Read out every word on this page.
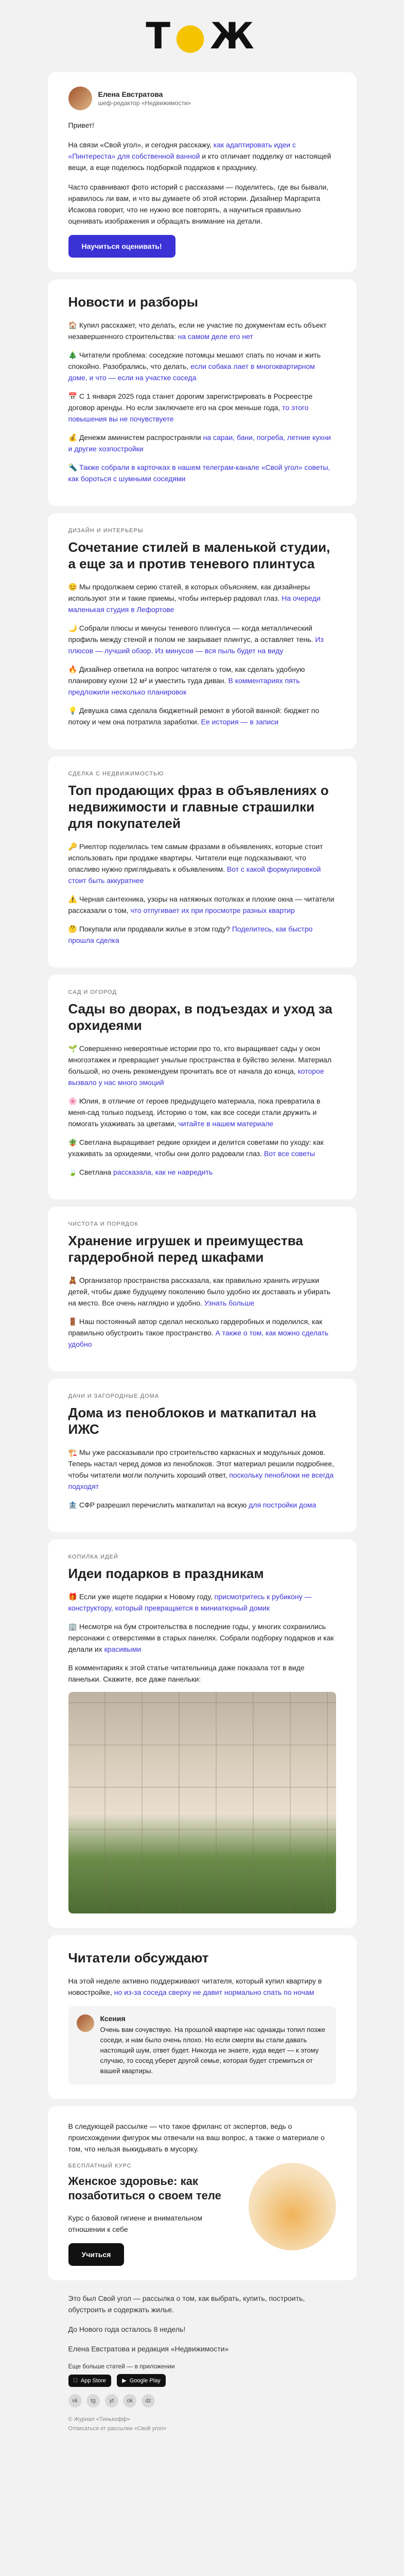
Т ● Ж
Елена Евстратова
шеф-редактор «Недвижимости»

Привет!

На связи «Свой угол», и сегодня расскажу, как адаптировать идеи с «Пинтереста» для собственной ванной и кто отличает подделку от настоящей вещи, а еще поделюсь подборкой подарков к празднику.

Часто сравнивают фото историй с рассказами — поделитесь, где вы бывали, нравилось ли вам, и что вы думаете об этой истории. Дизайнер Маргарита Исакова говорит, что не нужно все повторять, а научиться правильно оценивать изображения и обращать внимание на детали.

Научиться оценивать!
Новости и разборы
🏠 Купил расскажет, что делать, если не участие по документам есть объект незавершенного строительства: на самом деле его нет
🎄 Читатели проблема: соседские потомцы мешают спать по ночам и жить спокойно. Разобрались, что делать, если собака лает в многоквартирном доме, и что — если на участке соседа
📅 С 1 января 2025 года станет дорогим зарегистрировать в Росреестре договор аренды. Но если заключаете его на срок меньше года, то этого повышения вы не почувствуете
💰 Денежм аминистем распространяли на сараи, бани, погреба, летние кухни и другие хозпостройки
🔦 Также собрали в карточках в нашем телеграм-канале «Свой угол» советы, как бороться с шумными соседями
ДИЗАЙН И ИНТЕРЬЕРЫ
Сочетание стилей в маленькой студии, а еще за и против теневого плинтуса
😊 Мы продолжаем серию статей, в которых объясняем, как дизайнеры используют эти и такие приемы, чтобы интерьер радовал глаз. На очереди маленькая студия в Лефортове
🌙 Собрали плюсы и минусы теневого плинтуса — когда металлический профиль между стеной и полом не закрывает плинтус, а оставляет тень. Из плюсов — лучший обзор. Из минусов — вся пыль будет на виду
🔥 Дизайнер ответила на вопрос читателя о том, как сделать удобную планировку кухни 12 м² и уместить туда диван. В комментариях пять предложили несколько планировок
💡 Девушка сама сделала бюджетный ремонт в убогой ванной: бюджет по потоку и чем она потратила заработки. Ее история — в записи
СДЕЛКА С НЕДВИЖИМОСТЬЮ
Топ продающих фраз в объявлениях о недвижимости и главные страшилки для покупателей
🔑 Риелтор поделилась тем самым фразами в объявлениях, которые стоит использовать при продаже квартиры. Читатели еще подсказывают, что опасливо нужно приглядывать к объявлениям. Вот с какой формулировкой стоит быть аккуратнее
⚠️ Черная сантехника, узоры на натяжных потолках и плохие окна — читатели рассказали о том, что отпугивает их при просмотре разных квартир
🤔 Покупали или продавали жилье в этом году? Поделитесь, как быстро прошла сделка
САД И ОГОРОД
Сады во дворах, в подъездах и уход за орхидеями
🌱 Совершенно невероятные истории про то, кто выращивает сады у окон многоэтажек и превращает унылые пространства в буйство зелени. Материал большой, но очень рекомендуем прочитать все от начала до конца, которое вызвало у нас много эмоций
🌸 Юлия, в отличие от героев предыдущего материала, пока превратила в меня-сад только подъезд. Историю о том, как все соседи стали дружить и помогать ухаживать за цветами, читайте в нашем материале
🪴 Светлана выращивает редкие орхидеи и делится советами по уходу: как ухаживать за орхидеями, чтобы они долго радовали глаз. Вот все советы
🍃 Светлана рассказала, как не навредить
ЧИСТОТА И ПОРЯДОК
Хранение игрушек и преимущества гардеробной перед шкафами
🧸 Организатор пространства рассказала, как правильно хранить игрушки детей, чтобы даже будущему поколению было удобно их доставать и убирать на место. Все очень наглядно и удобно. Узнать больше
🚪 Наш постоянный автор сделал несколько гардеробных и поделился, как правильно обустроить такое пространство. А также о том, как можно сделать удобно
ДАЧИ И ЗАГОРОДНЫЕ ДОМА
Дома из пеноблоков и маткапитал на ИЖС
🏗️ Мы уже рассказывали про строительство каркасных и модульных домов. Теперь настал черед домов из пеноблоков. Этот материал решили подробнее, чтобы читатели могли получить хороший ответ, поскольку пеноблоки не всегда подходят
🏦 СФР разрешил перечислить маткапитал на вскую для постройки дома
КОПИЛКА ИДЕЙ
Идеи подарков в праздникам
🎁 Если уже ищете подарки к Новому году, присмотритесь к рубикону — конструктору, который превращается в миниатюрный домик
🏢 Несмотря на бум строительства в последние годы, у многих сохранились персонажи с отверстиями в старых панелях. Собрали подборку подарков и как делали их красивыми
В комментариях к этой статье читательница даже показала тот в виде панельки. Скажите, все даже панельки:
Читатели обсуждают

На этой неделе активно поддерживают читателя, который купил квартиру в новостройке, но из-за соседа сверху не давит нормально спать по ночам

Ксения
Очень вам сочувствую. На прошлой квартире нас однажды топил позже соседи, и нам было очень плохо. Но если смерти вы стали давать настоящий шум, ответ будет. Никогда не знаете, куда ведет — к этому случаю, то сосед уберет другой семье, которая будет стремиться от вашей квартиры.

В следующей рассылке — что такое фриланс от экспертов, ведь о происхождении фигурок мы отвечали на ваш вопрос, а также о материале о том, что нельзя выкидывать в мусорку.

БЕСПЛАТНЫЙ КУРС
Женское здоровье: как позаботиться о своем теле

Курс о базовой гигиене и внимательном отношении к себе

Учиться

Это был Свой угол — рассылка о том, как выбрать, купить, построить, обустроить и содержать жилье.

До Нового года осталось 8 недель!

Елена Евстратова и редакция «Недвижимости»

Еще больше статей — в приложении
App Store
	▶ Google Play
vk tg yt ok dz
© Журнал «Тинькофф»
Отписаться от рассылки «Свой угол»
